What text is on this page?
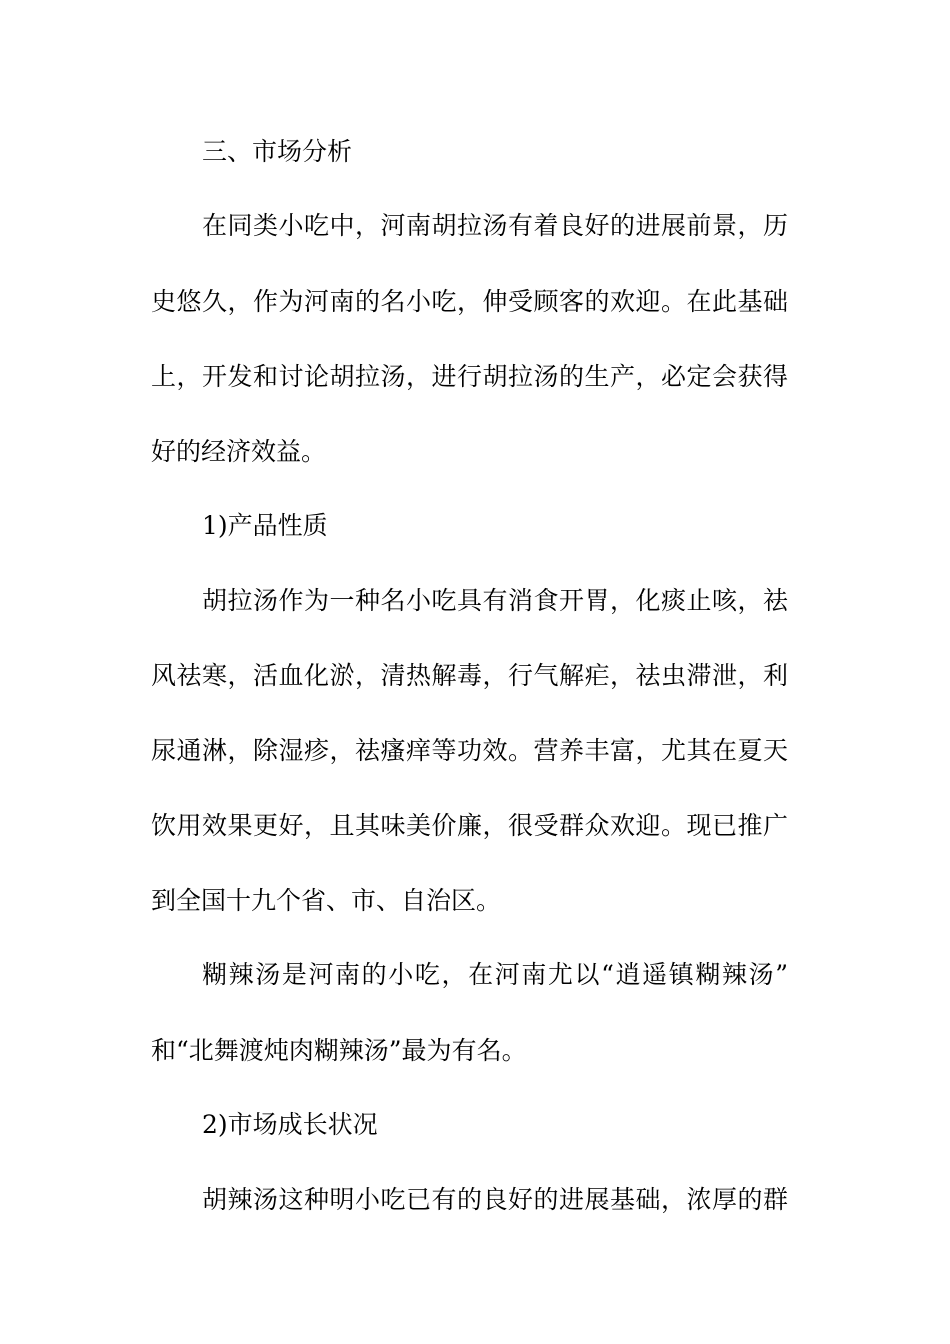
三、市场分析
在同类小吃中，河南胡拉汤有着良好的进展前景，历
史悠久，作为河南的名小吃，伸受顾客的欢迎。在此基础
上，开发和讨论胡拉汤，进行胡拉汤的生产，必定会获得
好的经济效益。
1)产品性质
胡拉汤作为一种名小吃具有消食开胃，化痰止咳，祛
风祛寒，活血化淤，清热解毒，行气解疟，祛虫滞泄，利
尿通淋，除湿疹，祛瘙痒等功效。营养丰富，尤其在夏天
饮用效果更好，且其味美价廉，很受群众欢迎。现已推广
到全国十九个省、市、自治区。
糊辣汤是河南的小吃，在河南尤以“逍遥镇糊辣汤”
和“北舞渡炖肉糊辣汤”最为有名。
2)市场成长状况
胡辣汤这种明小吃已有的良好的进展基础，浓厚的群
